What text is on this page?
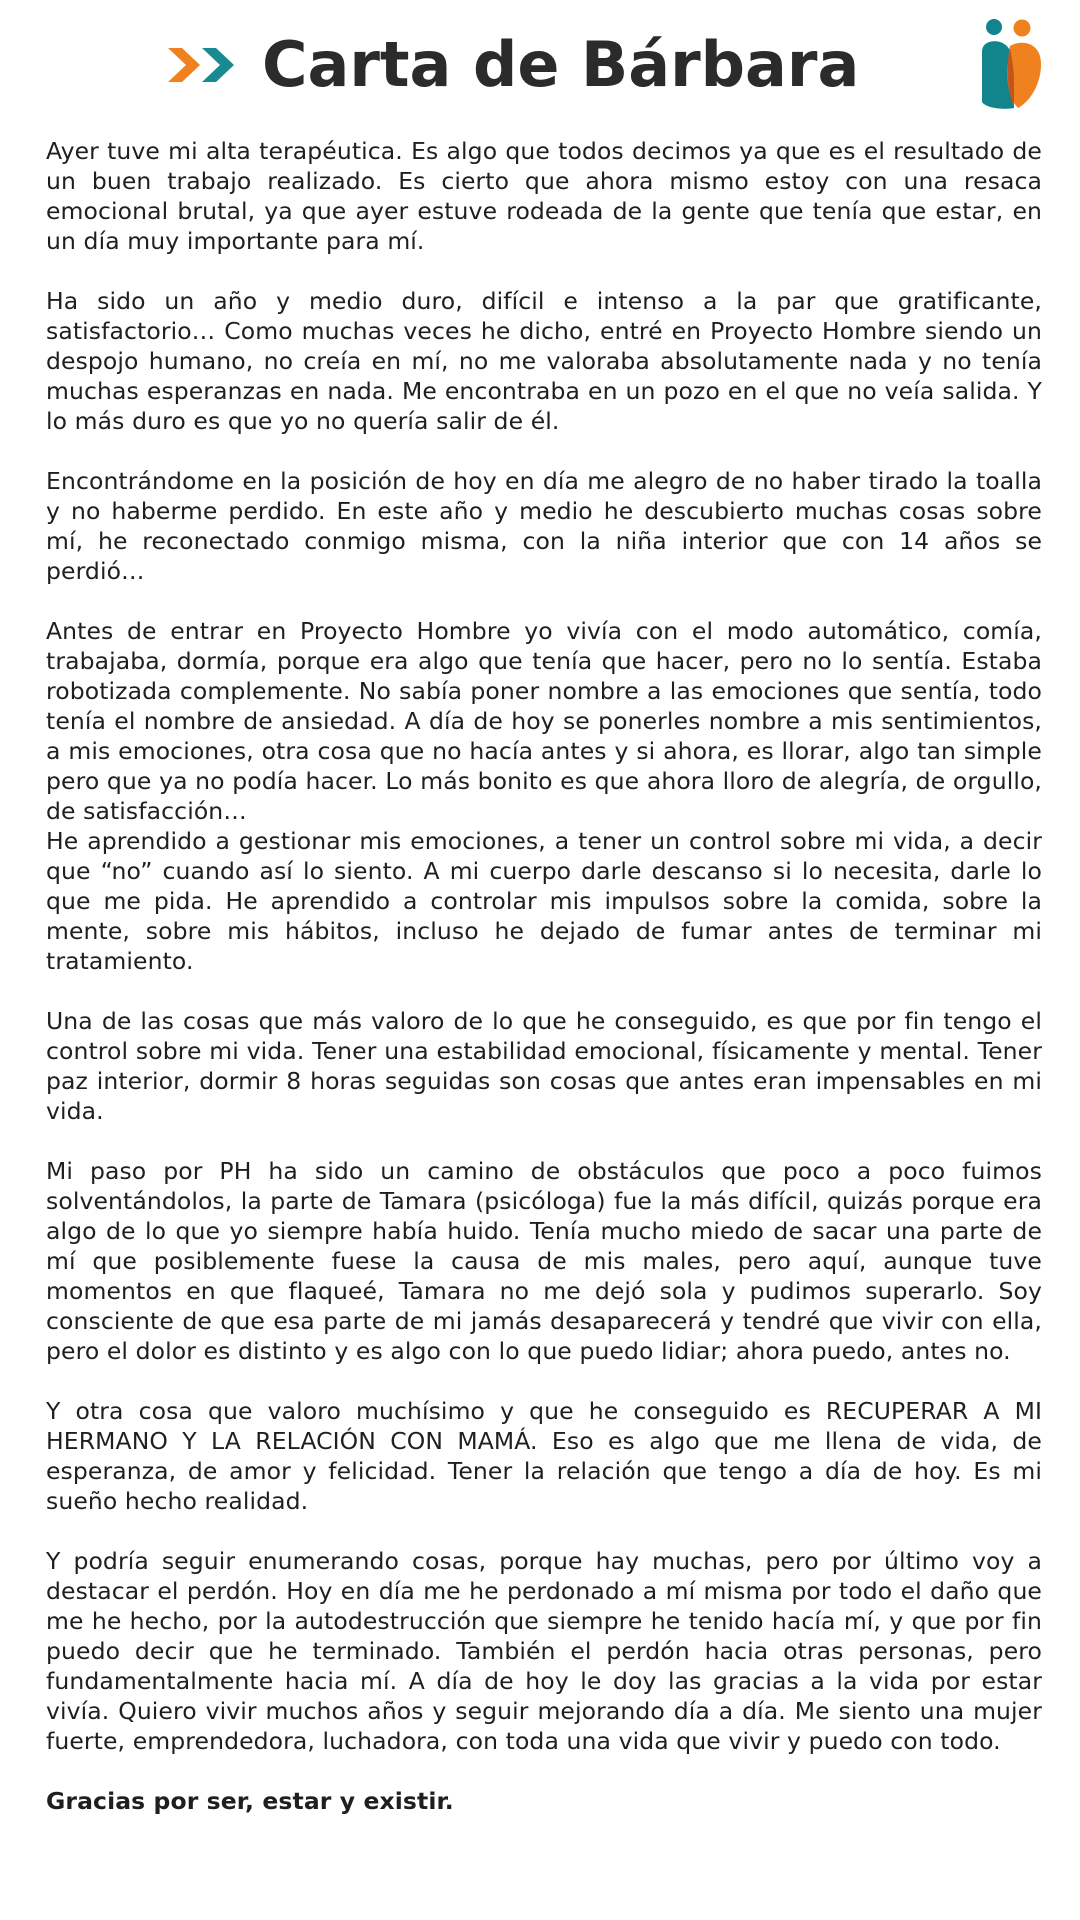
Carta de Bárbara

Ayer tuve mi alta terapéutica. Es algo que todos decimos ya que es el resultado de un buen trabajo realizado. Es cierto que ahora mismo estoy con una resaca emocional brutal, ya que ayer estuve rodeada de la gente que tenía que estar, en un día muy importante para mí.

Ha sido un año y medio duro, difícil e intenso a la par que gratificante, satisfactorio… Como muchas veces he dicho, entré en Proyecto Hombre siendo un despojo humano, no creía en mí, no me valoraba absolutamente nada y no tenía muchas esperanzas en nada. Me encontraba en un pozo en el que no veía salida. Y lo más duro es que yo no quería salir de él.

Encontrándome en la posición de hoy en día me alegro de no haber tirado la toalla y no haberme perdido. En este año y medio he descubierto muchas cosas sobre mí, he reconectado conmigo misma, con la niña interior que con 14 años se perdió…

Antes de entrar en Proyecto Hombre yo vivía con el modo automático, comía, trabajaba, dormía, porque era algo que tenía que hacer, pero no lo sentía. Estaba robotizada complemente. No sabía poner nombre a las emociones que sentía, todo tenía el nombre de ansiedad. A día de hoy se ponerles nombre a mis sentimientos, a mis emociones, otra cosa que no hacía antes y si ahora, es llorar, algo tan simple pero que ya no podía hacer. Lo más bonito es que ahora lloro de alegría, de orgullo, de satisfacción…

He aprendido a gestionar mis emociones, a tener un control sobre mi vida, a decir que “no” cuando así lo siento. A mi cuerpo darle descanso si lo necesita, darle lo que me pida. He aprendido a controlar mis impulsos sobre la comida, sobre la mente, sobre mis hábitos, incluso he dejado de fumar antes de terminar mi tratamiento.

Una de las cosas que más valoro de lo que he conseguido, es que por fin tengo el control sobre mi vida. Tener una estabilidad emocional, físicamente y mental. Tener paz interior, dormir 8 horas seguidas son cosas que antes eran impensables en mi vida.

Mi paso por PH ha sido un camino de obstáculos que poco a poco fuimos solventándolos, la parte de Tamara (psicóloga) fue la más difícil, quizás porque era algo de lo que yo siempre había huido. Tenía mucho miedo de sacar una parte de mí que posiblemente fuese la causa de mis males, pero aquí, aunque tuve momentos en que flaqueé, Tamara no me dejó sola y pudimos superarlo. Soy consciente de que esa parte de mi jamás desaparecerá y tendré que vivir con ella, pero el dolor es distinto y es algo con lo que puedo lidiar; ahora puedo, antes no.

Y otra cosa que valoro muchísimo y que he conseguido es RECUPERAR A MI HERMANO Y LA RELACIÓN CON MAMÁ. Eso es algo que me llena de vida, de esperanza, de amor y felicidad. Tener la relación que tengo a día de hoy. Es mi sueño hecho realidad.

Y podría seguir enumerando cosas, porque hay muchas, pero por último voy a destacar el perdón. Hoy en día me he perdonado a mí misma por todo el daño que me he hecho, por la autodestrucción que siempre he tenido hacía mí, y que por fin puedo decir que he terminado. También el perdón hacia otras personas, pero fundamentalmente hacia mí. A día de hoy le doy las gracias a la vida por estar vivía. Quiero vivir muchos años y seguir mejorando día a día. Me siento una mujer fuerte, emprendedora, luchadora, con toda una vida que vivir y puedo con todo.

Gracias por ser, estar y existir.
